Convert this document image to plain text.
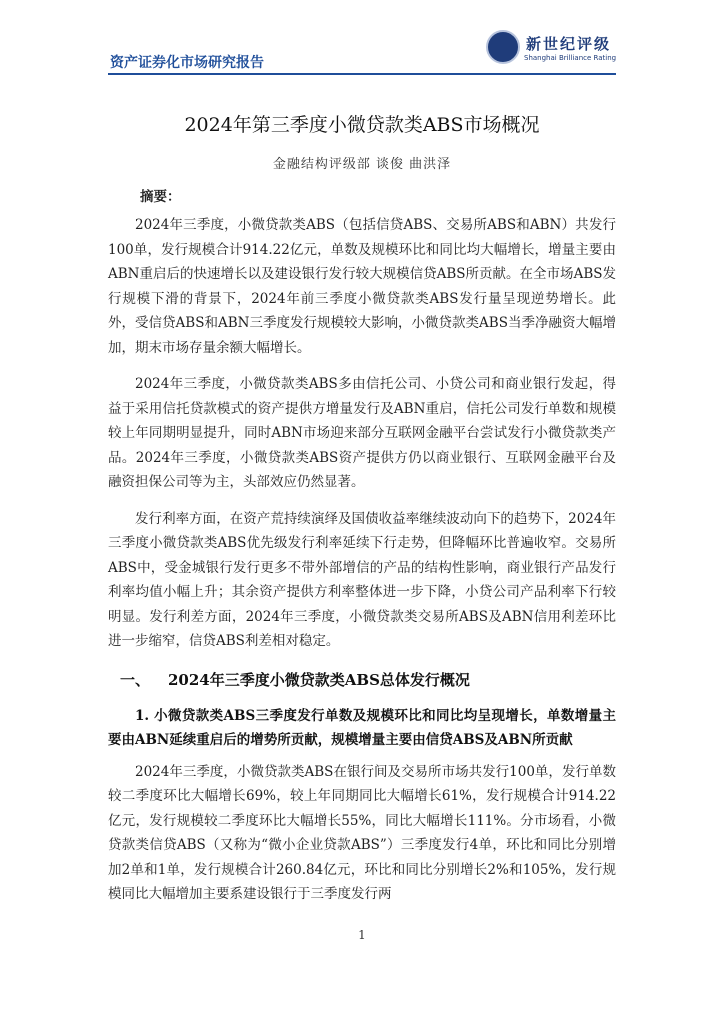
资产证券化市场研究报告
新世纪评级
Shanghai Brilliance Rating
2024年第三季度小微贷款类ABS市场概况
金融结构评级部 谈俊 曲洪泽
摘要：

2024年三季度，小微贷款类ABS（包括信贷ABS、交易所ABS和ABN）共发行100单，发行规模合计914.22亿元，单数及规模环比和同比均大幅增长，增量主要由ABN重启后的快速增长以及建设银行发行较大规模信贷ABS所贡献。在全市场ABS发行规模下滑的背景下，2024年前三季度小微贷款类ABS发行量呈现逆势增长。此外，受信贷ABS和ABN三季度发行规模较大影响，小微贷款类ABS当季净融资大幅增加，期末市场存量余额大幅增长。

2024年三季度，小微贷款类ABS多由信托公司、小贷公司和商业银行发起，得益于采用信托贷款模式的资产提供方增量发行及ABN重启，信托公司发行单数和规模较上年同期明显提升，同时ABN市场迎来部分互联网金融平台尝试发行小微贷款类产品。2024年三季度，小微贷款类ABS资产提供方仍以商业银行、互联网金融平台及融资担保公司等为主，头部效应仍然显著。

发行利率方面，在资产荒持续演绎及国债收益率继续波动向下的趋势下，2024年三季度小微贷款类ABS优先级发行利率延续下行走势，但降幅环比普遍收窄。交易所ABS中，受金城银行发行更多不带外部增信的产品的结构性影响，商业银行产品发行利率均值小幅上升；其余资产提供方利率整体进一步下降，小贷公司产品利率下行较明显。发行利差方面，2024年三季度，小微贷款类交易所ABS及ABN信用利差环比进一步缩窄，信贷ABS利差相对稳定。

一、 2024年三季度小微贷款类ABS总体发行概况
1. 小微贷款类ABS三季度发行单数及规模环比和同比均呈现增长，单数增量主要由ABN延续重启后的增势所贡献，规模增量主要由信贷ABS及ABN所贡献

2024年三季度，小微贷款类ABS在银行间及交易所市场共发行100单，发行单数较二季度环比大幅增长69%，较上年同期同比大幅增长61%，发行规模合计914.22亿元，发行规模较二季度环比大幅增长55%，同比大幅增长111%。分市场看，小微贷款类信贷ABS（又称为“微小企业贷款ABS”）三季度发行4单，环比和同比分别增加2单和1单，发行规模合计260.84亿元，环比和同比分别增长2%和105%，发行规模同比大幅增加主要系建设银行于三季度发行两

1
